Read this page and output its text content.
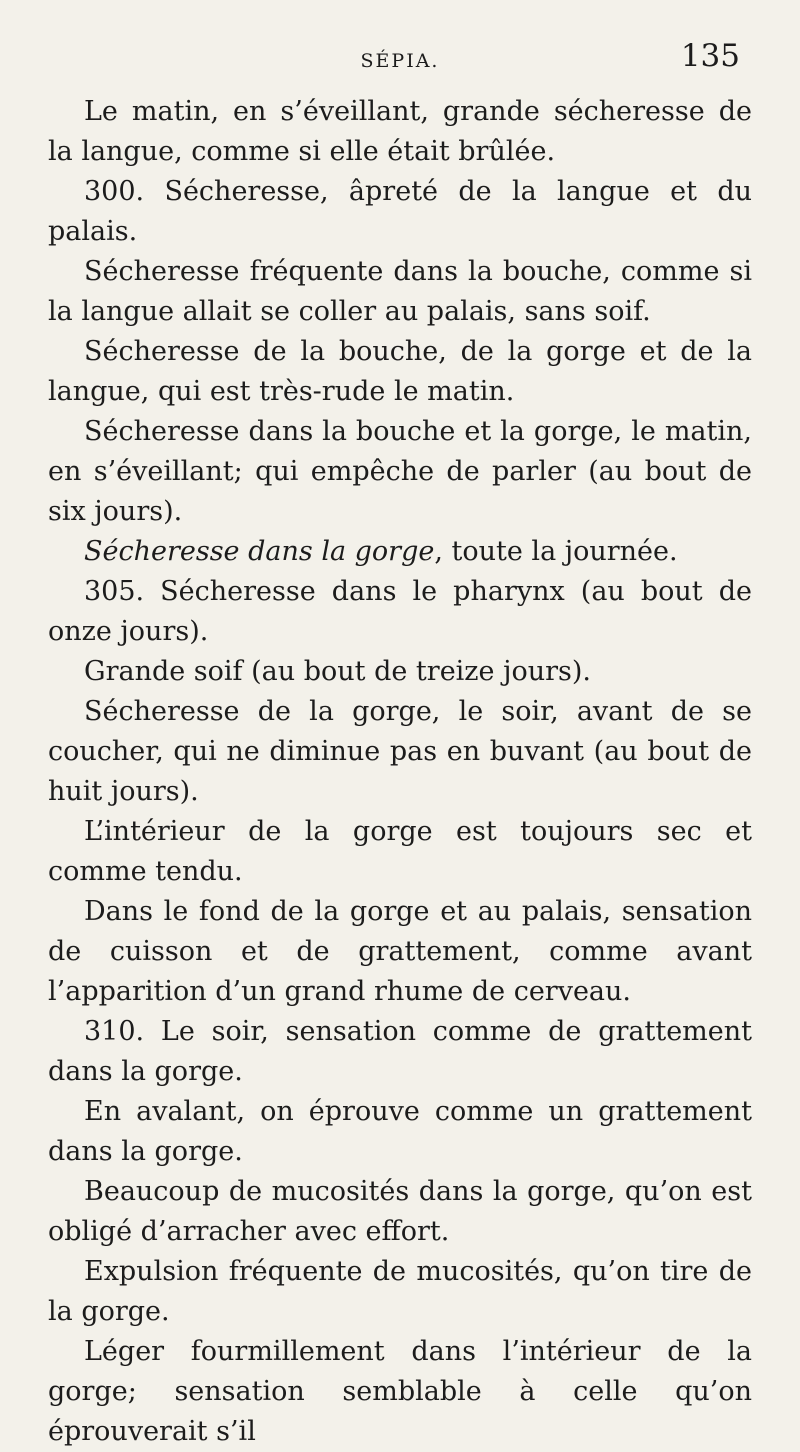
SÉPIA.	135

Le matin, en s’éveillant, grande sécheresse de la langue, comme si elle était brûlée.

300. Sécheresse, âpreté de la langue et du palais.

Sécheresse fréquente dans la bouche, comme si la langue allait se coller au palais, sans soif.

Sécheresse de la bouche, de la gorge et de la langue, qui est très-rude le matin.

Sécheresse dans la bouche et la gorge, le matin, en s’éveillant; qui empêche de parler (au bout de six jours).

Sécheresse dans la gorge, toute la journée.

305. Sécheresse dans le pharynx (au bout de onze jours).

Grande soif (au bout de treize jours).

Sécheresse de la gorge, le soir, avant de se coucher, qui ne diminue pas en buvant (au bout de huit jours).

L’intérieur de la gorge est toujours sec et comme tendu.

Dans le fond de la gorge et au palais, sensation de cuisson et de grattement, comme avant l’apparition d’un grand rhume de cerveau.

310. Le soir, sensation comme de grattement dans la gorge.

En avalant, on éprouve comme un grattement dans la gorge.

Beaucoup de mucosités dans la gorge, qu’on est obligé d’arracher avec effort.

Expulsion fréquente de mucosités, qu’on tire de la gorge.

Léger fourmillement dans l’intérieur de la gorge; sensation semblable à celle qu’on éprouverait s’il
